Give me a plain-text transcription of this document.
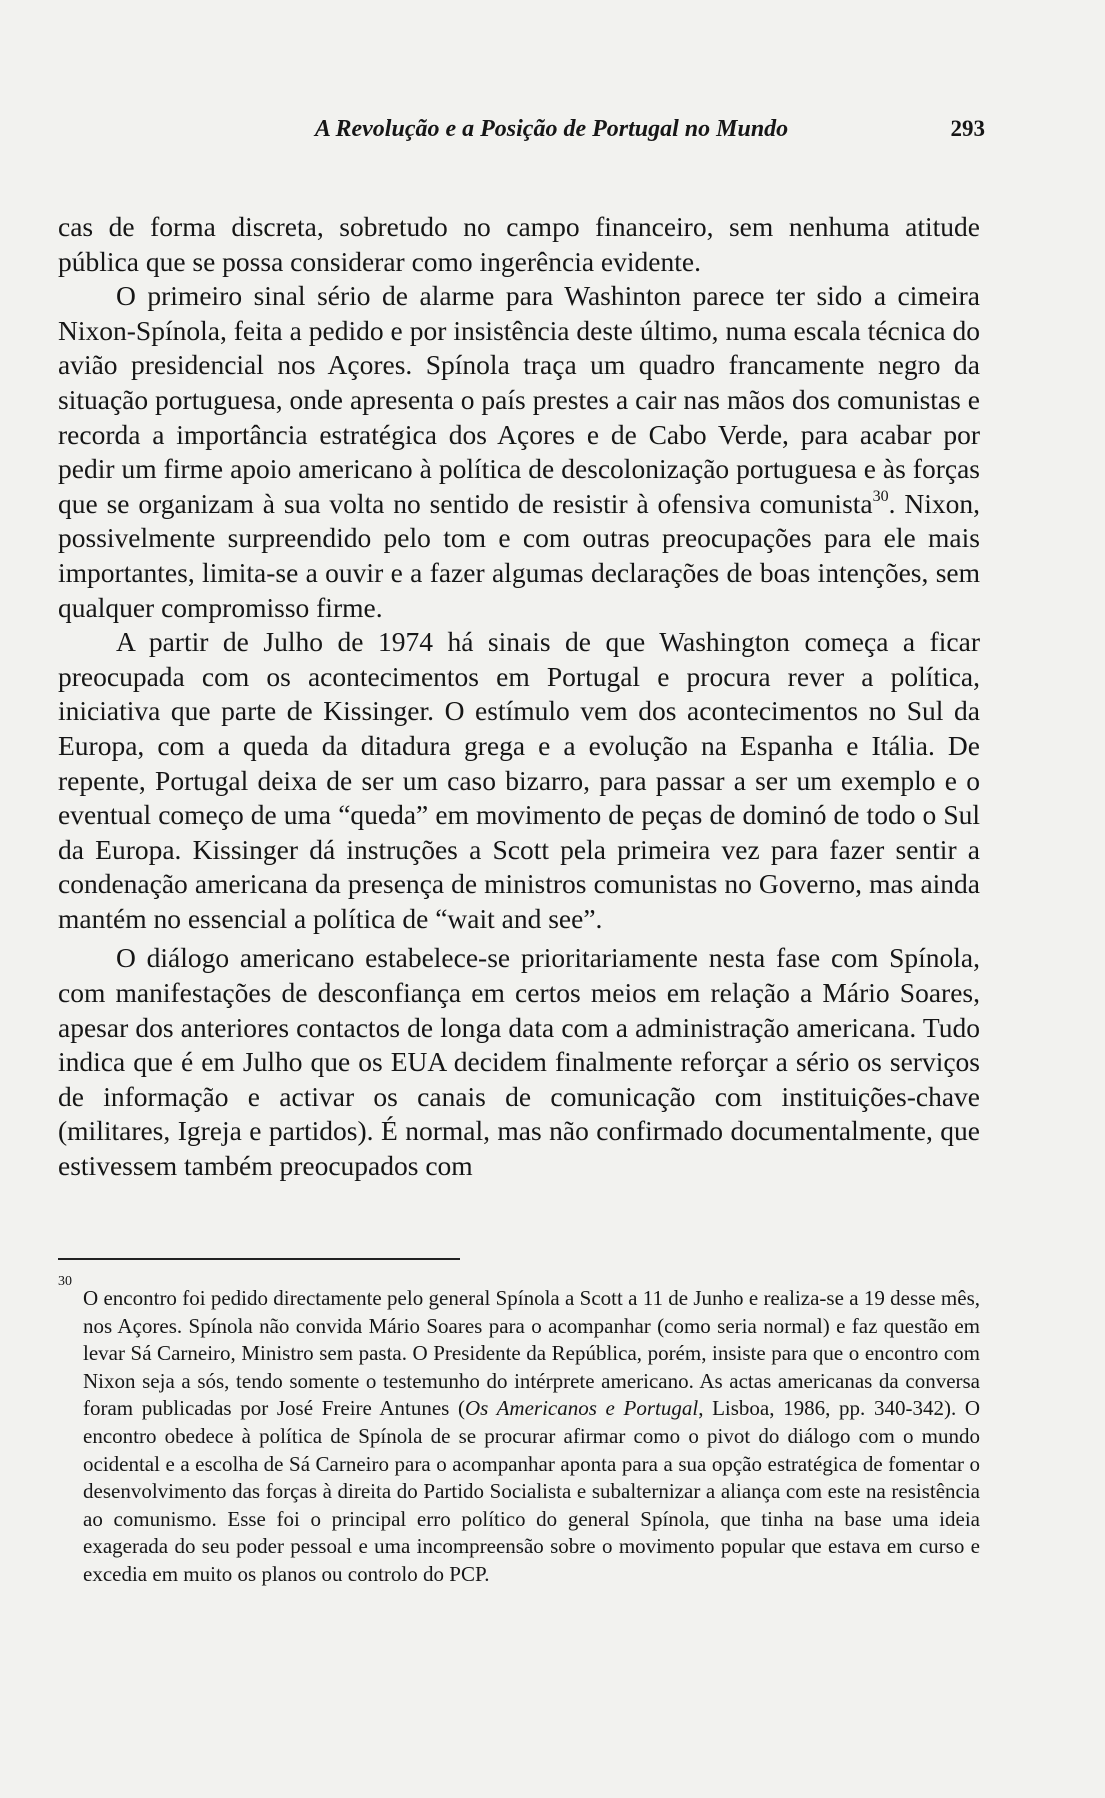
A Revolução e a Posição de Portugal no Mundo	293

cas de forma discreta, sobretudo no campo financeiro, sem nenhuma atitude pública que se possa considerar como ingerência evidente.

O primeiro sinal sério de alarme para Washinton parece ter sido a cimeira Nixon-Spínola, feita a pedido e por insistência deste último, numa escala técnica do avião presidencial nos Açores. Spínola traça um quadro francamente negro da situação portuguesa, onde apresenta o país prestes a cair nas mãos dos comunistas e recorda a importância estratégica dos Açores e de Cabo Verde, para acabar por pedir um firme apoio americano à política de descolonização portuguesa e às forças que se organizam à sua volta no sentido de resistir à ofensiva comunista$^{30}$. Nixon, possivelmente surpreendido pelo tom e com outras preocupações para ele mais importantes, limita-se a ouvir e a fazer algumas declarações de boas intenções, sem qualquer compromisso firme.

A partir de Julho de 1974 há sinais de que Washington começa a ficar preocupada com os acontecimentos em Portugal e procura rever a política, iniciativa que parte de Kissinger. O estímulo vem dos acontecimentos no Sul da Europa, com a queda da ditadura grega e a evolução na Espanha e Itália. De repente, Portugal deixa de ser um caso bizarro, para passar a ser um exemplo e o eventual começo de uma “queda” em movimento de peças de dominó de todo o Sul da Europa. Kissinger dá instruções a Scott pela primeira vez para fazer sentir a condenação americana da presença de ministros comunistas no Governo, mas ainda mantém no essencial a política de “wait and see”.

O diálogo americano estabelece-se prioritariamente nesta fase com Spínola, com manifestações de desconfiança em certos meios em relação a Mário Soares, apesar dos anteriores contactos de longa data com a administração americana. Tudo indica que é em Julho que os EUA decidem finalmente reforçar a sério os serviços de informação e activar os canais de comunicação com instituições-chave (militares, Igreja e partidos). É normal, mas não confirmado documentalmente, que estivessem também preocupados com

30

O encontro foi pedido directamente pelo general Spínola a Scott a 11 de Junho e realiza-se a 19 desse mês, nos Açores. Spínola não convida Mário Soares para o acompanhar (como seria normal) e faz questão em levar Sá Carneiro, Ministro sem pasta. O Presidente da República, porém, insiste para que o encontro com Nixon seja a sós, tendo somente o testemunho do intérprete americano. As actas americanas da conversa foram publicadas por José Freire Antunes (Os Americanos e Portugal, Lisboa, 1986, pp. 340-342). O encontro obedece à política de Spínola de se procurar afirmar como o pivot do diálogo com o mundo ocidental e a escolha de Sá Carneiro para o acompanhar aponta para a sua opção estratégica de fomentar o desenvolvimento das forças à direita do Partido Socialista e subalternizar a aliança com este na resistência ao comunismo. Esse foi o principal erro político do general Spínola, que tinha na base uma ideia exagerada do seu poder pessoal e uma incompreensão sobre o movimento popular que estava em curso e excedia em muito os planos ou controlo do PCP.
